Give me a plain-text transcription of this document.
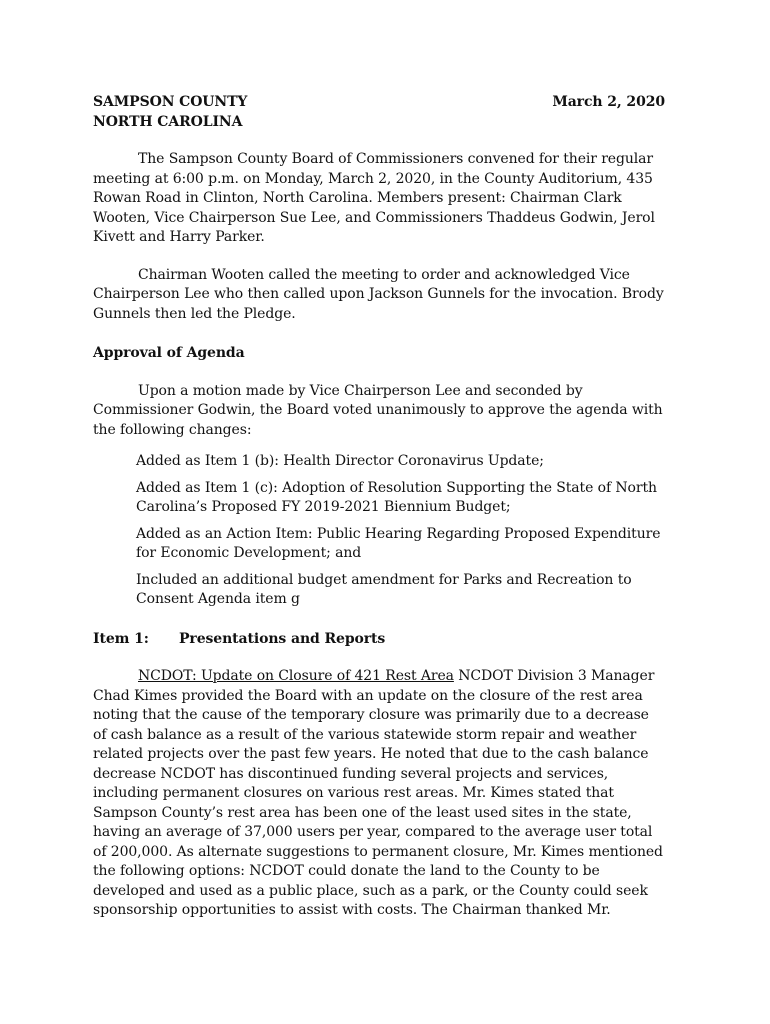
SAMPSON COUNTY
NORTH CAROLINA
March 2, 2020

The Sampson County Board of Commissioners convened for their regular meeting at 6:00 p.m. on Monday, March 2, 2020, in the County Auditorium, 435 Rowan Road in Clinton, North Carolina. Members present: Chairman Clark Wooten, Vice Chairperson Sue Lee, and Commissioners Thaddeus Godwin, Jerol Kivett and Harry Parker.

Chairman Wooten called the meeting to order and acknowledged Vice Chairperson Lee who then called upon Jackson Gunnels for the invocation. Brody Gunnels then led the Pledge.

Approval of Agenda

Upon a motion made by Vice Chairperson Lee and seconded by Commissioner Godwin, the Board voted unanimously to approve the agenda with the following changes:

Added as Item 1 (b): Health Director Coronavirus Update;
Added as Item 1 (c): Adoption of Resolution Supporting the State of North Carolina’s Proposed FY 2019-2021 Biennium Budget;
Added as an Action Item: Public Hearing Regarding Proposed Expenditure for Economic Development; and
Included an additional budget amendment for Parks and Recreation to Consent Agenda item g
Item 1:	Presentations and Reports

NCDOT: Update on Closure of 421 Rest Area NCDOT Division 3 Manager Chad Kimes provided the Board with an update on the closure of the rest area noting that the cause of the temporary closure was primarily due to a decrease of cash balance as a result of the various statewide storm repair and weather related projects over the past few years. He noted that due to the cash balance decrease NCDOT has discontinued funding several projects and services, including permanent closures on various rest areas. Mr. Kimes stated that Sampson County’s rest area has been one of the least used sites in the state, having an average of 37,000 users per year, compared to the average user total of 200,000. As alternate suggestions to permanent closure, Mr. Kimes mentioned the following options: NCDOT could donate the land to the County to be developed and used as a public place, such as a park, or the County could seek sponsorship opportunities to assist with costs. The Chairman thanked Mr.
